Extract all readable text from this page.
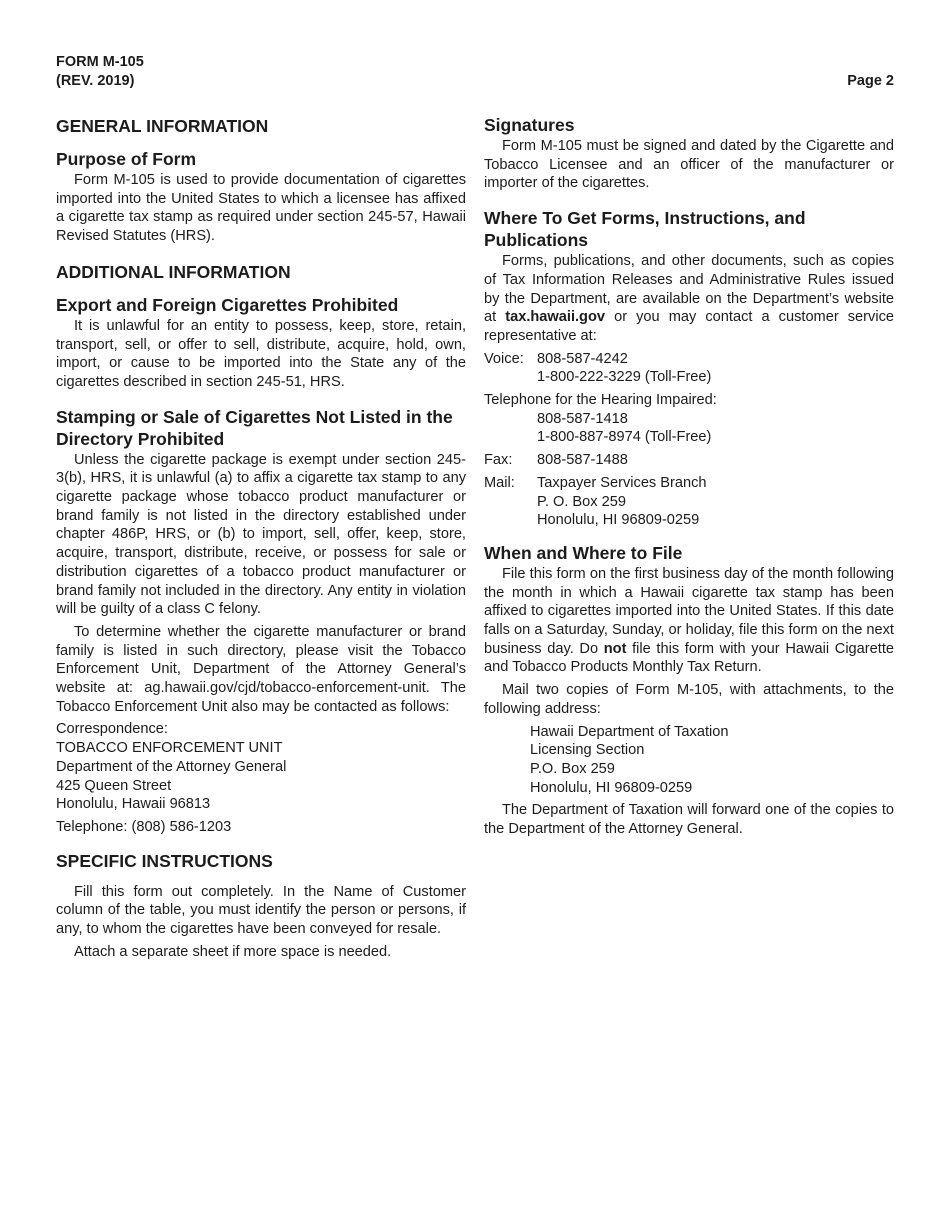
FORM M-105
(REV. 2019)	Page 2
GENERAL INFORMATION
Purpose of Form

Form M-105 is used to provide documentation of cigarettes imported into the United States to which a licensee has affixed a cigarette tax stamp as required under section 245-57, Hawaii Revised Statutes (HRS).

ADDITIONAL INFORMATION
Export and Foreign Cigarettes Prohibited

It is unlawful for an entity to possess, keep, store, retain, transport, sell, or offer to sell, distribute, acquire, hold, own, import, or cause to be imported into the State any of the cigarettes described in section 245-51, HRS.

Stamping or Sale of Cigarettes Not Listed in the Directory Prohibited

Unless the cigarette package is exempt under section 245-3(b), HRS, it is unlawful (a) to affix a cigarette tax stamp to any cigarette package whose tobacco product manufacturer or brand family is not listed in the directory established under chapter 486P, HRS, or (b) to import, sell, offer, keep, store, acquire, transport, distribute, receive, or possess for sale or distribution cigarettes of a tobacco product manufacturer or brand family not included in the directory. Any entity in violation will be guilty of a class C felony.

To determine whether the cigarette manufacturer or brand family is listed in such directory, please visit the Tobacco Enforcement Unit, Department of the Attorney General’s website at: ag.hawaii.gov/cjd/tobacco-enforcement-unit. The Tobacco Enforcement Unit also may be contacted as follows:

Correspondence:
TOBACCO ENFORCEMENT UNIT
Department of the Attorney General
425 Queen Street
Honolulu, Hawaii 96813
Telephone: (808) 586-1203
SPECIFIC INSTRUCTIONS

Fill this form out completely. In the Name of Customer column of the table, you must identify the person or persons, if any, to whom the cigarettes have been conveyed for resale.

Attach a separate sheet if more space is needed.

Signatures

Form M-105 must be signed and dated by the Cigarette and Tobacco Licensee and an officer of the manufacturer or importer of the cigarettes.

Where To Get Forms, Instructions, and Publications

Forms, publications, and other documents, such as copies of Tax Information Releases and Administrative Rules issued by the Department, are available on the Department’s website at tax.hawaii.gov or you may contact a customer service representative at:

Voice: 808-587-4242
1-800-222-3229 (Toll-Free)
Telephone for the Hearing Impaired:
808-587-1418
1-800-887-8974 (Toll-Free)
Fax:	808-587-1488
Mail:	Taxpayer Services Branch
P. O. Box 259
Honolulu, HI 96809-0259
When and Where to File

File this form on the first business day of the month following the month in which a Hawaii cigarette tax stamp has been affixed to cigarettes imported into the United States. If this date falls on a Saturday, Sunday, or holiday, file this form on the next business day. Do not file this form with your Hawaii Cigarette and Tobacco Products Monthly Tax Return.

Mail two copies of Form M-105, with attachments, to the following address:

Hawaii Department of Taxation
Licensing Section
P.O. Box 259
Honolulu, HI 96809-0259

The Department of Taxation will forward one of the copies to the Department of the Attorney General.
